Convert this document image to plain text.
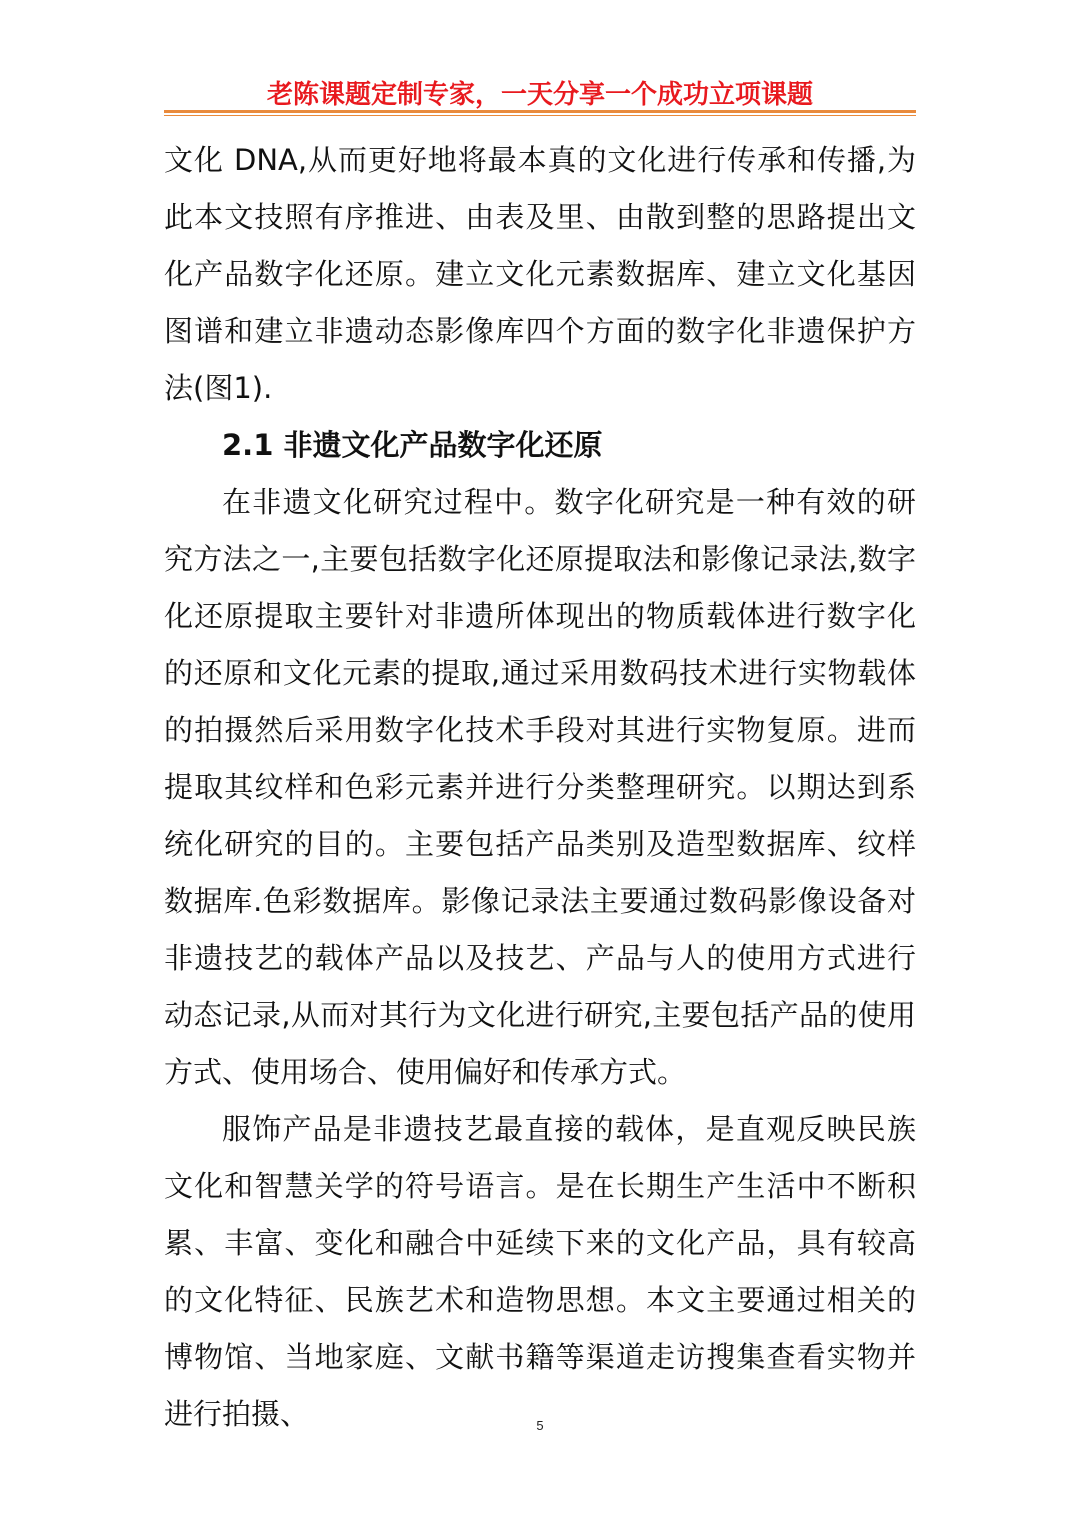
老陈课题定制专家，一天分享一个成功立项课题

文化 DNA,从而更好地将最本真的文化进行传承和传播,为此本文技照有序推进、由表及里、由散到整的思路提出文化产品数字化还原。建立文化元素数据库、建立文化基因图谱和建立非遗动态影像库四个方面的数字化非遗保护方法(图1).

2.1 非遗文化产品数字化还原

在非遗文化研究过程中。数字化研究是一种有效的研究方法之一,主要包括数字化还原提取法和影像记录法,数字化还原提取主要针对非遗所体现出的物质载体进行数字化的还原和文化元素的提取,通过采用数码技术进行实物载体的拍摄然后采用数字化技术手段对其进行实物复原。进而提取其纹样和色彩元素并进行分类整理研究。以期达到系统化研究的目的。主要包括产品类别及造型数据库、纹样数据库.色彩数据库。影像记录法主要通过数码影像设备对非遗技艺的载体产品以及技艺、产品与人的使用方式进行动态记录,从而对其行为文化进行研究,主要包括产品的使用方式、使用场合、使用偏好和传承方式。

服饰产品是非遗技艺最直接的载体，是直观反映民族文化和智慧关学的符号语言。是在长期生产生活中不断积累、丰富、变化和融合中延续下来的文化产品，具有较高的文化特征、民族艺术和造物思想。本文主要通过相关的博物馆、当地家庭、文献书籍等渠道走访搜集查看实物并进行拍摄、	5
